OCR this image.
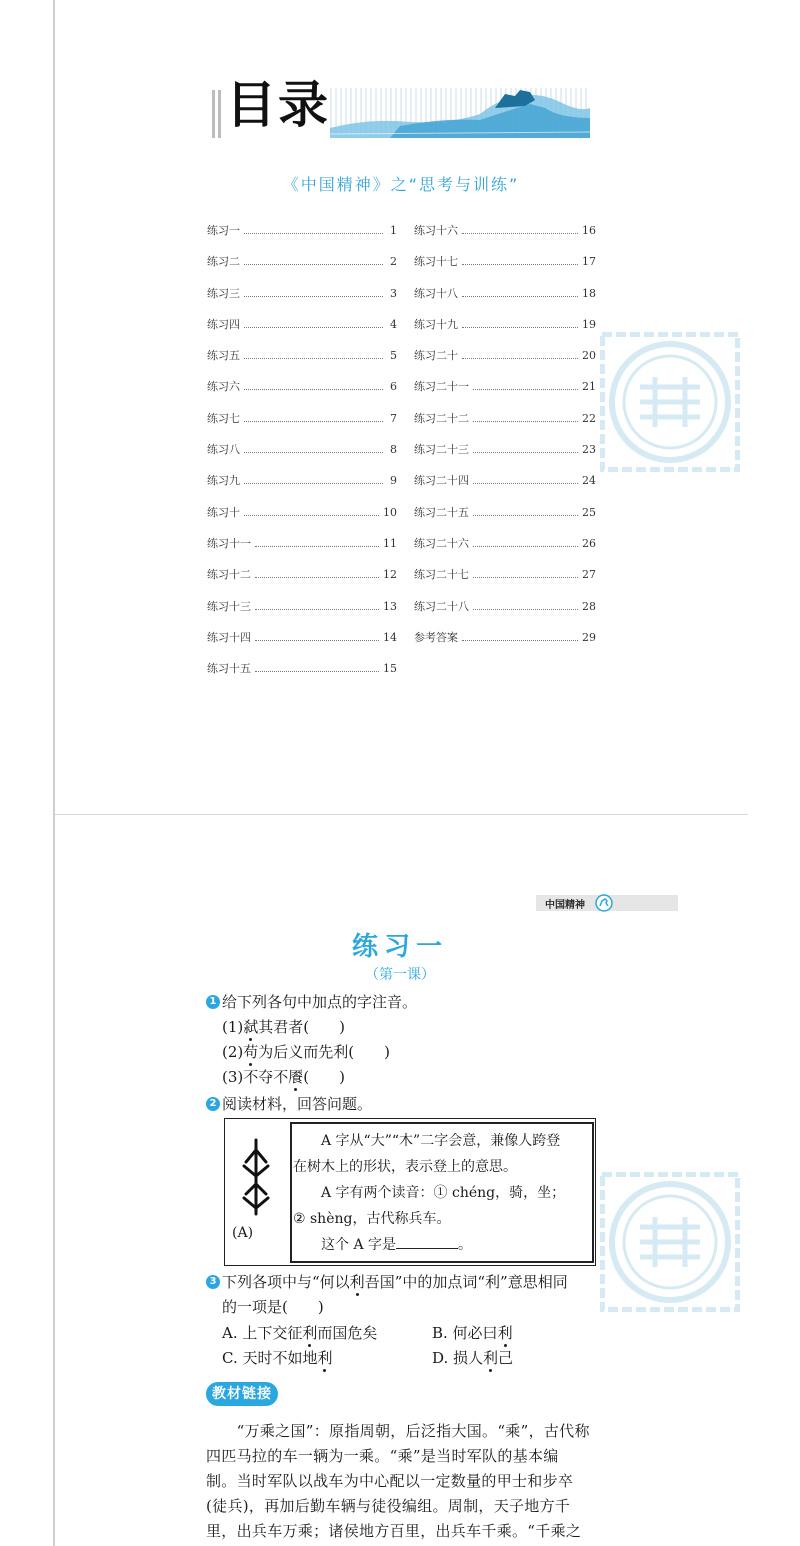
目录
《中国精神》之“思考与训练”
练习一	1
练习二	2
练习三	3
练习四	4
练习五	5
练习六	6
练习七	7
练习八	8
练习九	9
练习十	10
练习十一	11
练习十二	12
练习十三	13
练习十四	14
练习十五	15
练习十六	16
练习十七	17
练习十八	18
练习十九	19
练习二十	20
练习二十一	21
练习二十二	22
练习二十三	23
练习二十四	24
练习二十五	25
练习二十六	26
练习二十七	27
练习二十八	28
参考答案	29
中国精神
练习一
（第一课）
1 给下列各句中加点的字注音。
(1)弑其君者(　　)
(2)苟为后义而先利(　　)
(3)不夺不餍(　　)
2 阅读材料，回答问题。
(A)
　　A 字从“大”“木”二字会意，兼像人跨登
在树木上的形状，表示登上的意思。
　　A 字有两个读音：① chéng，骑，坐；
② shèng，古代称兵车。
　　这个 A 字是	。
3 下列各项中与“何以利吾国”中的加点词“利”意思相同
的一项是(　　)
A. 上下交征利而国危矣	B. 何必曰利
C. 天时不如地利	D. 损人利己
教材链接
　　“万乘之国”：原指周朝，后泛指大国。“乘”，古代称
四匹马拉的车一辆为一乘。“乘”是当时军队的基本编
制。当时军队以战车为中心配以一定数量的甲士和步卒
(徒兵)，再加后勤车辆与徒役编组。周制，天子地方千
里，出兵车万乘；诸侯地方百里，出兵车千乘。“千乘之
